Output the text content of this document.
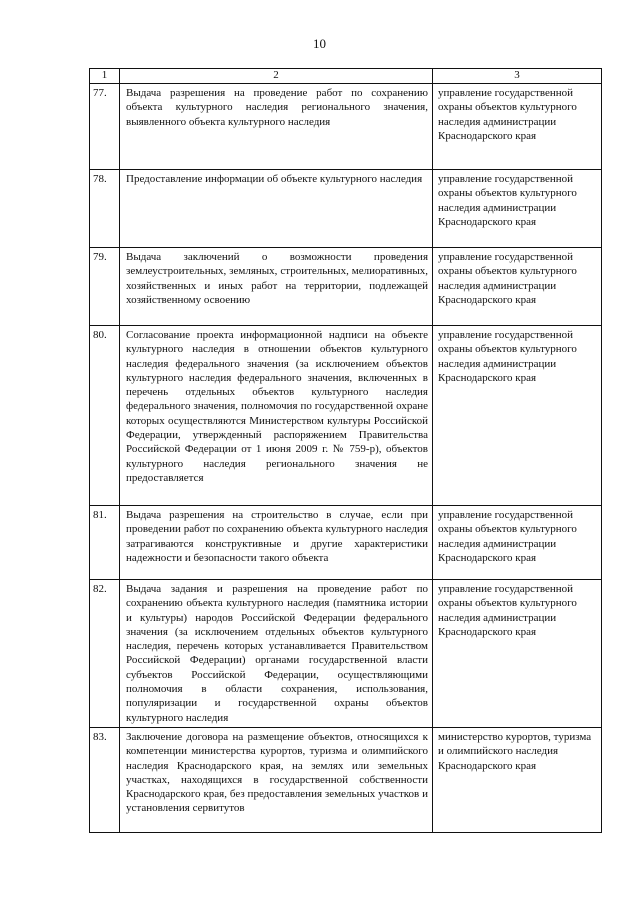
10
1	2	3
77.	Выдача разрешения на проведение работ по сохранению объекта культурного наследия регионального значения, выявленного объекта культурного наследия	управление государственной охраны объектов культурного наследия администрации Краснодарского края
78.	Предоставление информации об объекте культурного наследия	управление государственной охраны объектов культурного наследия администрации Краснодарского края
79.	Выдача заключений о возможности проведения землеустроительных, земляных, строительных, мелиоративных, хозяйственных и иных работ на территории, подлежащей хозяйственному освоению	управление государственной охраны объектов культурного наследия администрации Краснодарского края
80.	Согласование проекта информационной надписи на объекте культурного наследия в отношении объектов культурного наследия федерального значения (за исключением объектов культурного наследия федерального значения, включенных в перечень отдельных объектов культурного наследия федерального значения, полномочия по государственной охране которых осуществляются Министерством культуры Российской Федерации, утвержденный распоряжением Правительства Российской Федерации от 1 июня 2009 г. № 759-р), объектов культурного наследия регионального значения не предоставляется	управление государственной охраны объектов культурного наследия администрации Краснодарского края
81.	Выдача разрешения на строительство в случае, если при проведении работ по сохранению объекта культурного наследия затрагиваются конструктивные и другие характеристики надежности и безопасности такого объекта	управление государственной охраны объектов культурного наследия администрации Краснодарского края
82.	Выдача задания и разрешения на проведение работ по сохранению объекта культурного наследия (памятника истории и культуры) народов Российской Федерации федерального значения (за исключением отдельных объектов культурного наследия, перечень которых устанавливается Правительством Российской Федерации) органами государственной власти субъектов Российской Федерации, осуществляющими полномочия в области сохранения, использования, популяризации и государственной охраны объектов культурного наследия	управление государственной охраны объектов культурного наследия администрации Краснодарского края
83.	Заключение договора на размещение объектов, относящихся к компетенции министерства курортов, туризма и олимпийского наследия Краснодарского края, на землях или земельных участках, находящихся в государственной собственности Краснодарского края, без предоставления земельных участков и установления сервитутов	министерство курортов, туризма и олимпийского наследия Краснодарского края
